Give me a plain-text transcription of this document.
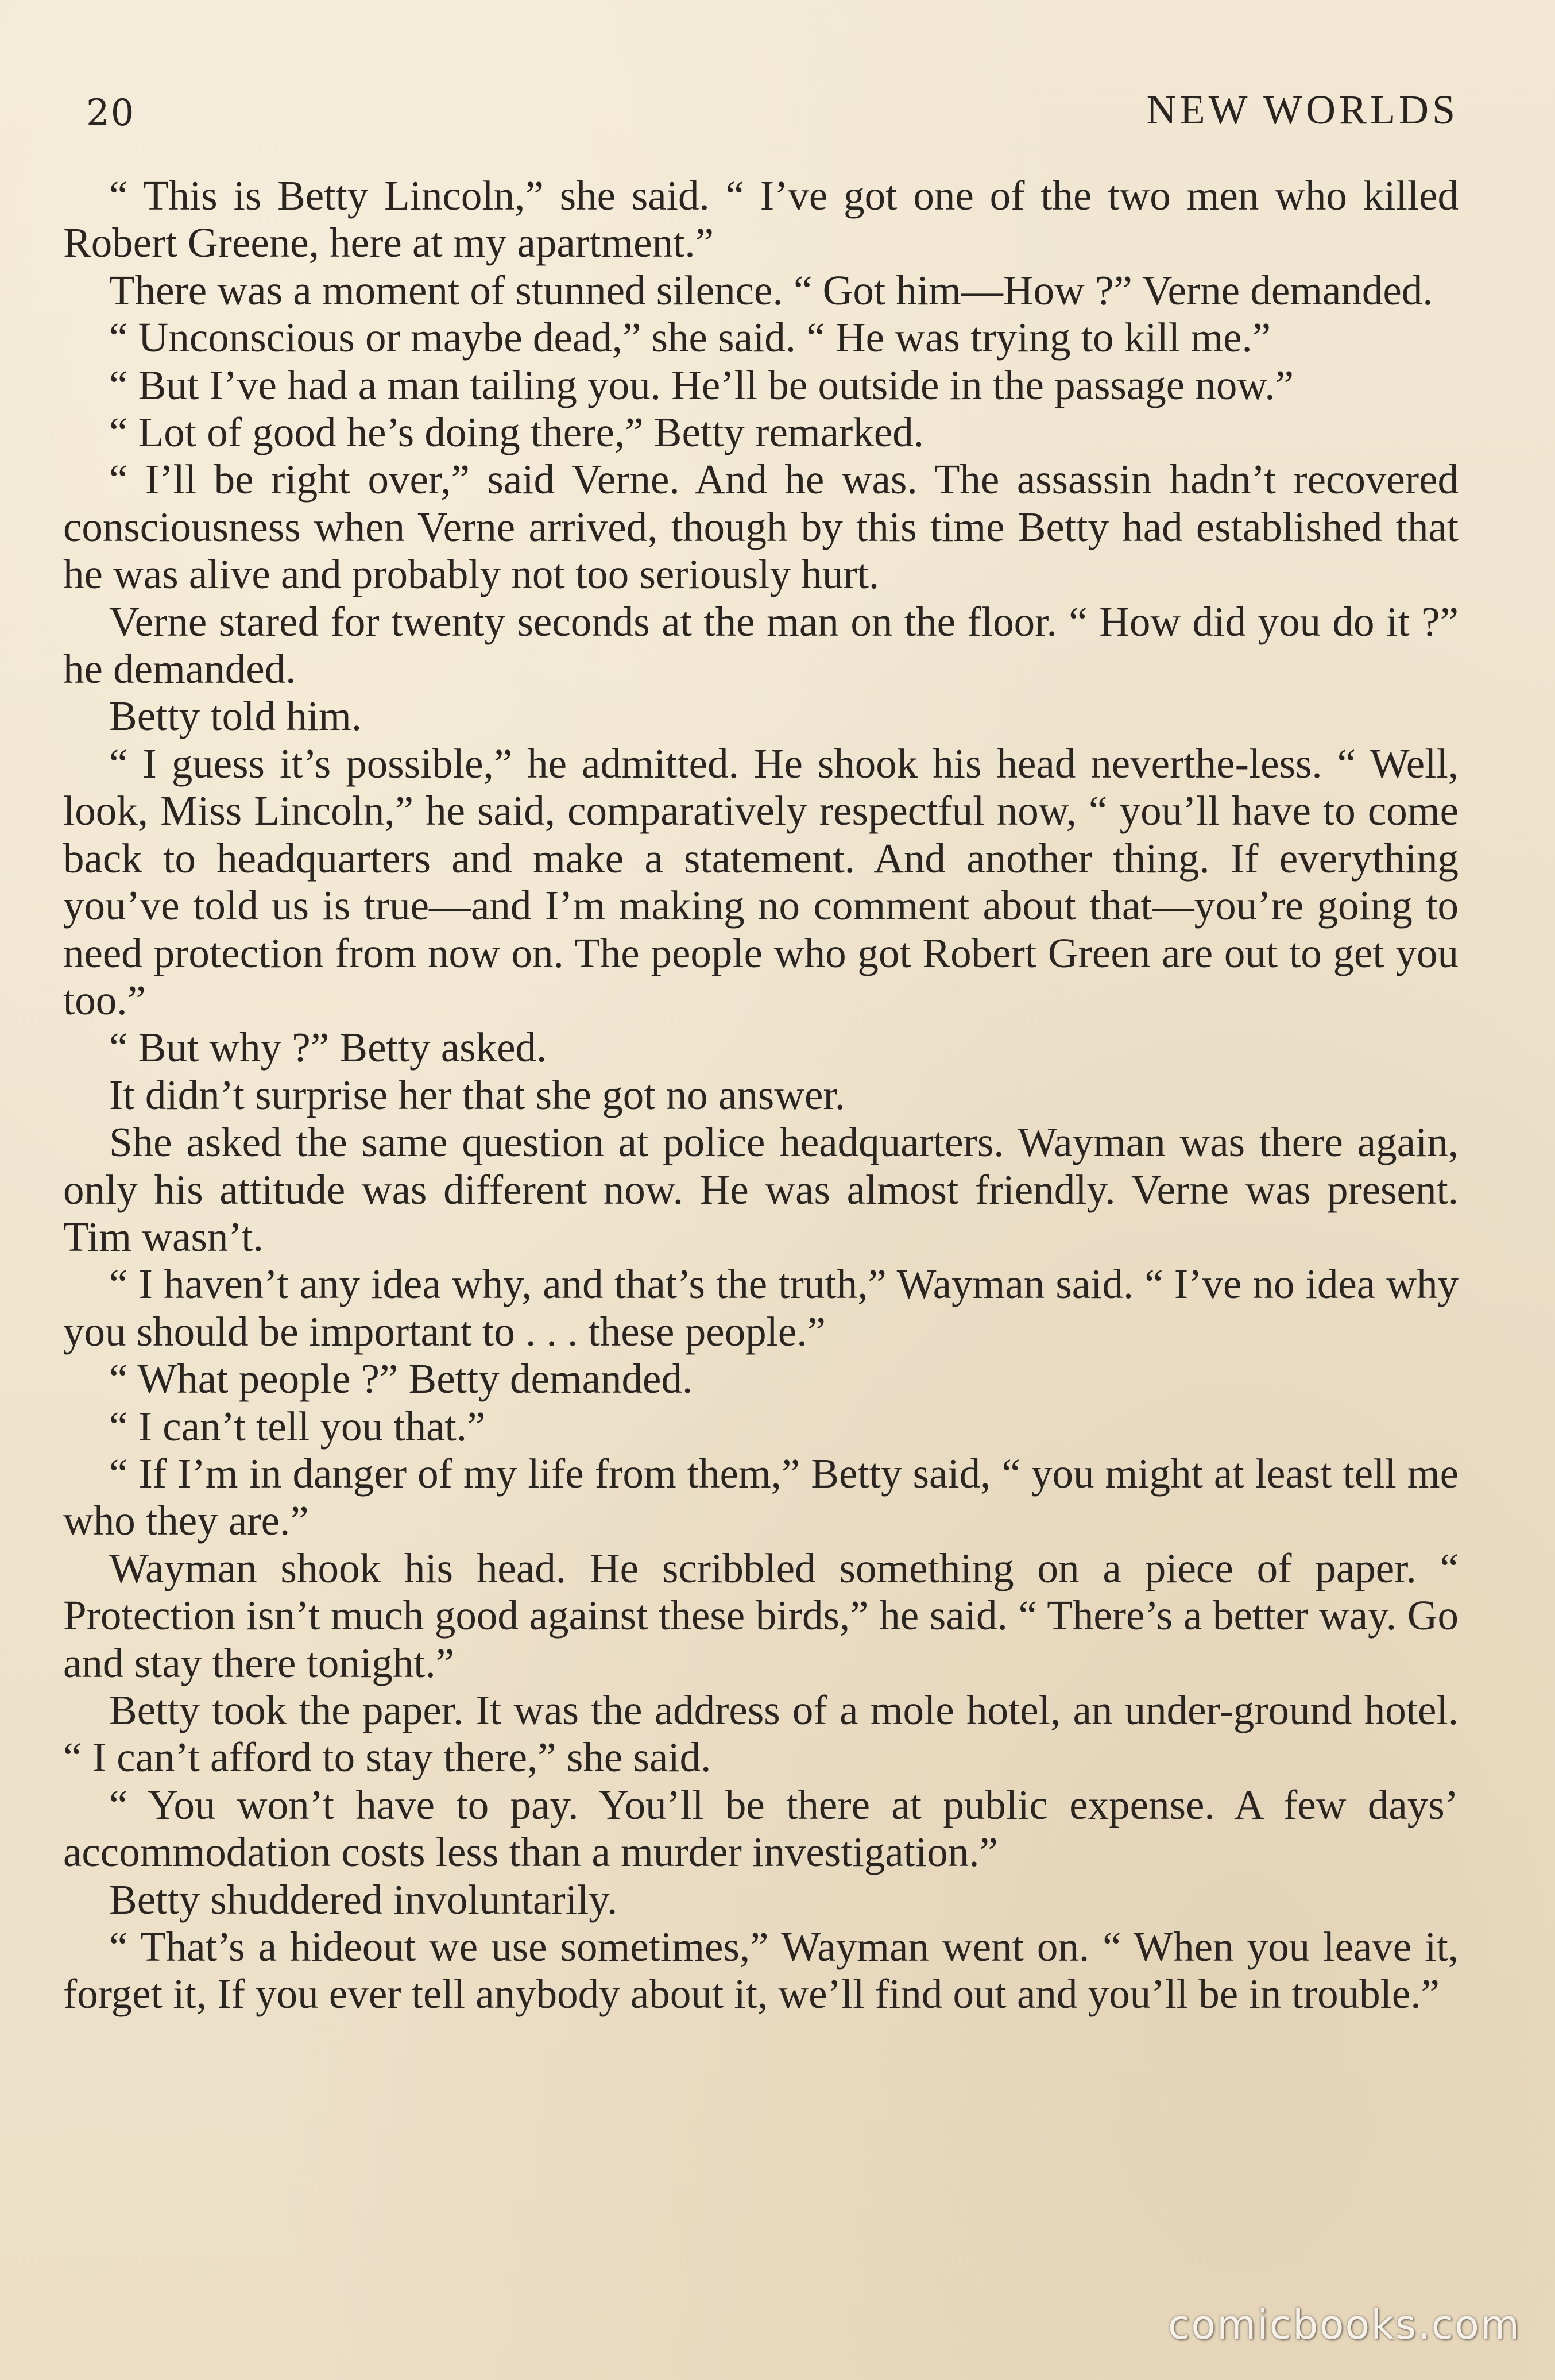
20	NEW WORLDS

“ This is Betty Lincoln,” she said. “ I’ve got one of the two men who killed Robert Greene, here at my apartment.”

There was a moment of stunned silence. “ Got him—How ?” Verne demanded.

“ Unconscious or maybe dead,” she said. “ He was trying to kill me.”

“ But I’ve had a man tailing you. He’ll be outside in the passage now.”

“ Lot of good he’s doing there,” Betty remarked.

“ I’ll be right over,” said Verne. And he was. The assassin hadn’t recovered consciousness when Verne arrived, though by this time Betty had established that he was alive and probably not too seriously hurt.

Verne stared for twenty seconds at the man on the floor. “ How did you do it ?” he demanded.

Betty told him.

“ I guess it’s possible,” he admitted. He shook his head neverthe-less. “ Well, look, Miss Lincoln,” he said, comparatively respectful now, “ you’ll have to come back to headquarters and make a statement. And another thing. If everything you’ve told us is true—and I’m making no comment about that—you’re going to need protection from now on. The people who got Robert Green are out to get you too.”

“ But why ?” Betty asked.

It didn’t surprise her that she got no answer.

She asked the same question at police headquarters. Wayman was there again, only his attitude was different now. He was almost friendly. Verne was present. Tim wasn’t.

“ I haven’t any idea why, and that’s the truth,” Wayman said. “ I’ve no idea why you should be important to . . . these people.”

“ What people ?” Betty demanded.

“ I can’t tell you that.”

“ If I’m in danger of my life from them,” Betty said, “ you might at least tell me who they are.”

Wayman shook his head. He scribbled something on a piece of paper. “ Protection isn’t much good against these birds,” he said. “ There’s a better way. Go and stay there tonight.”

Betty took the paper. It was the address of a mole hotel, an under-ground hotel. “ I can’t afford to stay there,” she said.

“ You won’t have to pay. You’ll be there at public expense. A few days’ accommodation costs less than a murder investigation.”

Betty shuddered involuntarily.

“ That’s a hideout we use sometimes,” Wayman went on. “ When you leave it, forget it, If you ever tell anybody about it, we’ll find out and you’ll be in trouble.”

comicbooks.com
